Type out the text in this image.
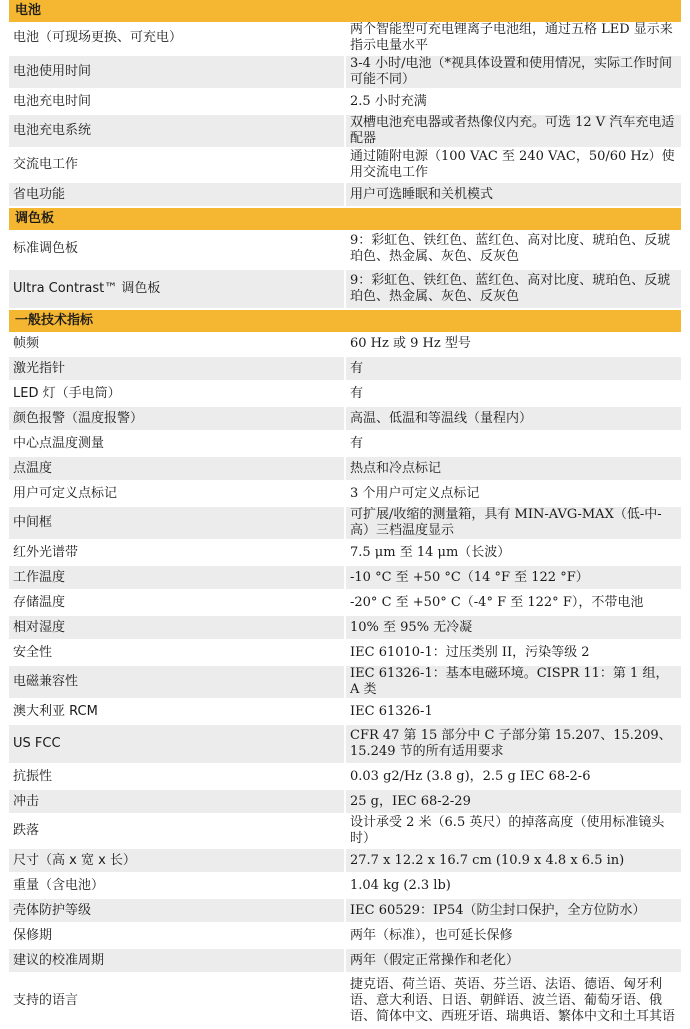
电池	

电池（可现场更换、可充电）	两个智能型可充电锂离子电池组，通过五格 LED 显示来指示电量水平
电池使用时间	3-4 小时/电池（*视具体设置和使用情况，实际工作时间可能不同）
电池充电时间	2.5 小时充满
电池充电系统	双槽电池充电器或者热像仪内充。可选 12 V 汽车充电适配器
交流电工作	通过随附电源（100 VAC 至 240 VAC，50/60 Hz）使用交流电工作
省电功能	用户可选睡眠和关机模式
调色板	
标准调色板	9：彩虹色、铁红色、蓝红色、高对比度、琥珀色、反琥珀色、热金属、灰色、反灰色
Ultra Contrast™ 调色板	9：彩虹色、铁红色、蓝红色、高对比度、琥珀色、反琥珀色、热金属、灰色、反灰色
一般技术指标	
帧频	60 Hz 或 9 Hz 型号
激光指针	有
LED 灯（手电筒）	有
颜色报警（温度报警）	高温、低温和等温线（量程内）
中心点温度测量	有
点温度	热点和冷点标记
用户可定义点标记	3 个用户可定义点标记
中间框	可扩展/收缩的测量箱，具有 MIN-AVG-MAX（低-中-高）三档温度显示
红外光谱带	7.5 μm 至 14 μm（长波）
工作温度	-10 °C 至 +50 °C（14 °F 至 122 °F）
存储温度	-20° C 至 +50° C（-4° F 至 122° F），不带电池
相对湿度	10% 至 95% 无冷凝
安全性	IEC 61010-1：过压类别 II，污染等级 2
电磁兼容性	IEC 61326-1：基本电磁环境。CISPR 11：第 1 组，A 类
澳大利亚 RCM	IEC 61326-1
US FCC	CFR 47 第 15 部分中 C 子部分第 15.207、15.209、15.249 节的所有适用要求
抗振性	0.03 g2/Hz (3.8 g)，2.5 g IEC 68-2-6
冲击	25 g，IEC 68-2-29
跌落	设计承受 2 米（6.5 英尺）的掉落高度（使用标准镜头时）
尺寸（高 x 宽 x 长）	27.7 x 12.2 x 16.7 cm (10.9 x 4.8 x 6.5 in)
重量（含电池）	1.04 kg (2.3 lb)
壳体防护等级	IEC 60529：IP54（防尘封口保护，全方位防水）
保修期	两年（标准），也可延长保修
建议的校准周期	两年（假定正常操作和老化）
支持的语言	捷克语、荷兰语、英语、芬兰语、法语、德语、匈牙利语、意大利语、日语、朝鲜语、波兰语、葡萄牙语、俄语、简体中文、西班牙语、瑞典语、繁体中文和土耳其语
